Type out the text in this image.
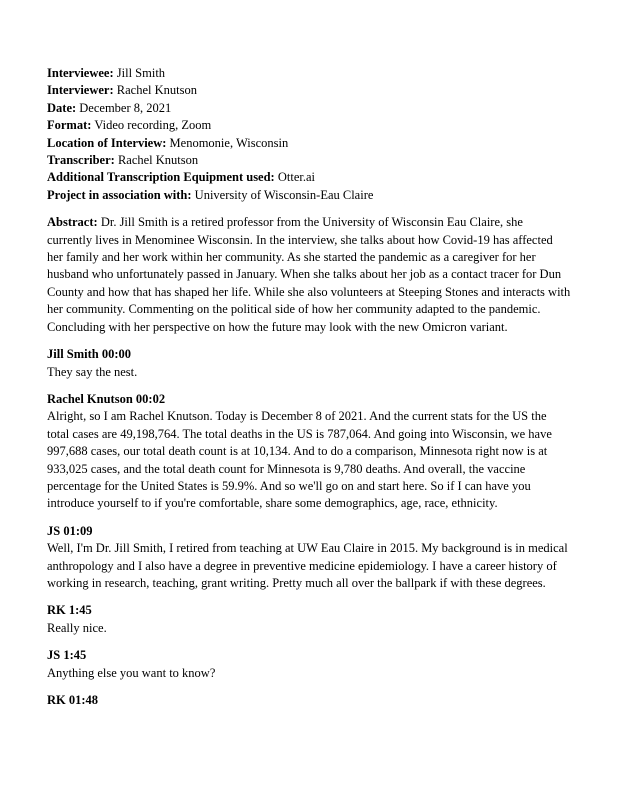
Interviewee: Jill Smith
Interviewer: Rachel Knutson
Date: December 8, 2021
Format: Video recording, Zoom
Location of Interview: Menomonie, Wisconsin
Transcriber: Rachel Knutson
Additional Transcription Equipment used: Otter.ai
Project in association with: University of Wisconsin-Eau Claire

Abstract: Dr. Jill Smith is a retired professor from the University of Wisconsin Eau Claire, she currently lives in Menominee Wisconsin. In the interview, she talks about how Covid-19 has affected her family and her work within her community. As she started the pandemic as a caregiver for her husband who unfortunately passed in January. When she talks about her job as a contact tracer for Dun County and how that has shaped her life. While she also volunteers at Steeping Stones and interacts with her community. Commenting on the political side of how her community adapted to the pandemic. Concluding with her perspective on how the future may look with the new Omicron variant.

Jill Smith 00:00
They say the nest.
Rachel Knutson 00:02
Alright, so I am Rachel Knutson. Today is December 8 of 2021. And the current stats for the US the total cases are 49,198,764. The total deaths in the US is 787,064. And going into Wisconsin, we have 997,688 cases, our total death count is at 10,134. And to do a comparison, Minnesota right now is at 933,025 cases, and the total death count for Minnesota is 9,780 deaths. And overall, the vaccine percentage for the United States is 59.9%. And so we'll go on and start here. So if I can have you introduce yourself to if you're comfortable, share some demographics, age, race, ethnicity.
JS 01:09
Well, I'm Dr. Jill Smith, I retired from teaching at UW Eau Claire in 2015. My background is in medical anthropology and I also have a degree in preventive medicine epidemiology. I have a career history of working in research, teaching, grant writing. Pretty much all over the ballpark if with these degrees.
RK 1:45
Really nice.
JS 1:45
Anything else you want to know?
RK 01:48
